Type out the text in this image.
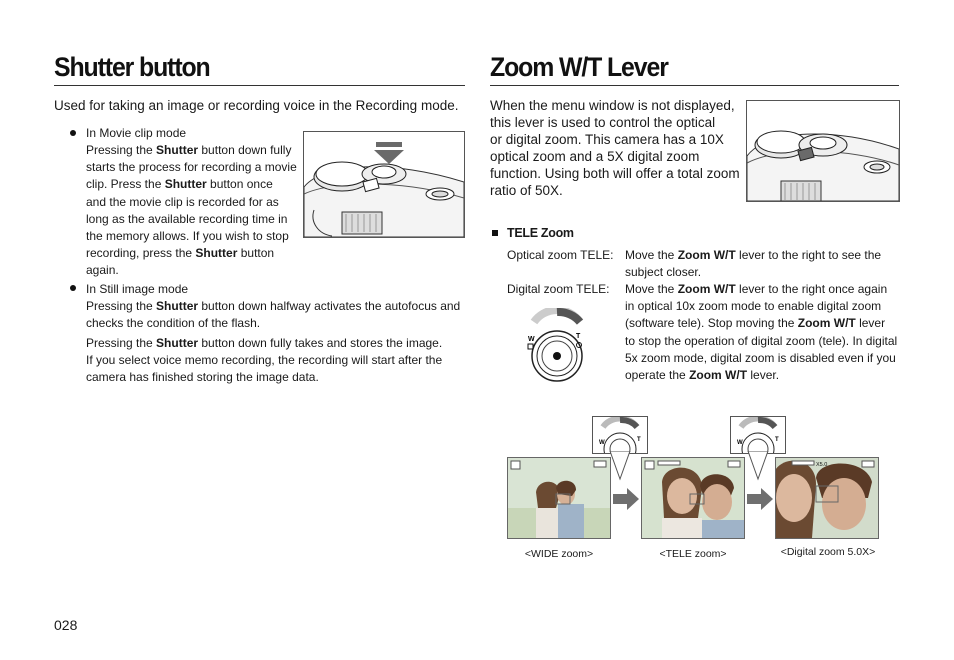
Shutter button
Used for taking an image or recording voice in the Recording mode.
In Movie clip mode
Pressing the Shutter button down fully
starts the process for recording a movie
clip. Press the Shutter button once
and the movie clip is recorded for as
long as the available recording time in
the memory allows. If you wish to stop
recording, press the Shutter button
again.
In Still image mode
Pressing the Shutter button down halfway activates the autofocus and
checks the condition of the flash.
Pressing the Shutter button down fully takes and stores the image.
If you select voice memo recording, the recording will start after the
camera has finished storing the image data.
028
Zoom W/T Lever
When the menu window is not displayed,
this lever is used to control the optical
or digital zoom. This camera has a 10X
optical zoom and a 5X digital zoom
function. Using both will offer a total zoom
ratio of 50X.
TELE Zoom
Optical zoom TELE: Move the Zoom W/T lever to the right to see the
subject closer.
Digital zoom TELE: Move the Zoom W/T lever to the right once again
in optical 10x zoom mode to enable digital zoom
(software tele). Stop moving the Zoom W/T lever
to stop the operation of digital zoom (tele). In digital
5x zoom mode, digital zoom is disabled even if you
operate the Zoom W/T lever.
W	T
W	T	W	T
X5.0
<WIDE zoom>	<TELE zoom>	<Digital zoom 5.0X>
